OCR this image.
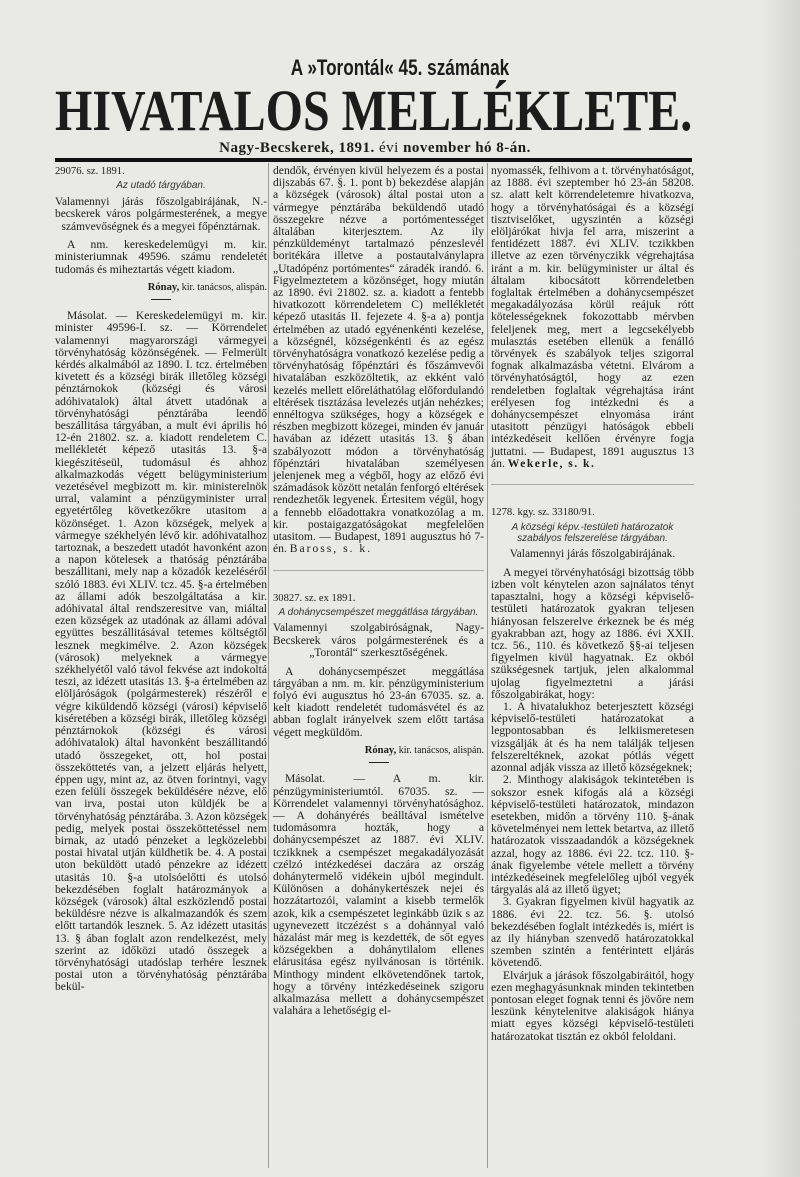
A »Torontál« 45. számának
HIVATALOS MELLÉKLETE.
Nagy-Becskerek, 1891. évi november hó 8-án.

29076. sz. 1891.

Az utadó tárgyában.

Valamennyi járás főszolgabirájának, N.-becskerek város polgármesterének, a megye számvevőségnek és a megyei főpénztárnak.

A nm. kereskedelemügyi m. kir. ministeriumnak 49596. számu rendeletét tudomás és miheztartás végett kiadom.

Rónay, kir. tanácsos, alispán.

Másolat. — Kereskedelemügyi m. kir. minister 49596-I. sz. — Körrendelet valamennyi magyarországi vármegyei törvényhatóság közönségének. — Felmerült kérdés alkalmából az 1890. I. tcz. értelmében kivetett és a községi birák illetőleg községi pénztárnokok (községi és városi adóhivatalok) által átvett utadónak a törvényhatósági pénztárába leendő beszállitása tárgyában, a mult évi április hó 12-én 21802. sz. a. kiadott rendeletem C. mellékletét képező utasitás 13. §-a kiegészitéseül, tudomásul és ahhoz alkalmazkodás végett belügyministerium vezetésével megbizott m. kir. ministerelnök urral, valamint a pénzügyminister urral egyetértőleg következőkre utasitom a közönséget. 1. Azon községek, melyek a vármegye székhelyén lévő kir. adóhivatalhoz tartoznak, a beszedett utadót havonként azon a napon kötelesek a thatóság pénztárába beszállitani, mely nap a közadók kezeléséről szóló 1883. évi XLIV. tcz. 45. §-a értelmében az állami adók beszolgáltatása a kir. adóhivatal által rendszeresitve van, miáltal ezen községek az utadónak az állami adóval együttes beszállitásával tetemes költségtől lesznek megkimélve. 2. Azon községek (városok) melyeknek a vármegye székhelyétől való távol fekvése azt indokoltá teszi, az idézett utasitás 13. §-a értelmében az elöljáróságok (polgármesterek) részéről e végre kiküldendő községi (városi) képviselő kiséretében a községi birák, illetőleg községi pénztárnokok (községi és városi adóhivatalok) által havonként beszállitandó utadó összegeket, ott, hol postai összeköttetés van, a jelzett eljárás helyett, éppen ugy, mint az, az ötven forintnyi, vagy ezen felüli összegek beküldésére nézve, elő van irva, postai uton küldjék be a törvényhatóság pénztárába. 3. Azon községek pedig, melyek postai összeköttetéssel nem birnak, az utadó pénzeket a legközelebbi postai hivatal utján küldhetik be. 4. A postai uton beküldött utadó pénzekre az idézett utasitás 10. §-a utolsóelőtti és utolsó bekezdésében foglalt határozmányok a községek (városok) által eszközlendő postai beküldésre nézve is alkalmazandók és szem előtt tartandók lesznek. 5. Az idézett utasitás 13. § ában foglalt azon rendelkezést, mely szerint az időközi utadó összegek a törvényhatósági utadóslap terhére lesznek postai uton a törvényhatóság pénztárába bekül-

dendők, érvényen kivül helyezem és a postai dijszabás 67. §. 1. pont b) bekezdése alapján a községek (városok) által postai uton a vármegye pénztárába beküldendő utadó összegekre nézve a portómentességet általában kiterjesztem. Az ily pénzküldeményt tartalmazó pénzeslevél boritékára illetve a postautalványlapra „Utadópénz portómentes“ záradék irandó. 6. Figyelmeztetem a közönséget, hogy miután az 1890. évi 21802. sz. a. kiadott a fentebb hivatkozott körrendeletem C) mellékletét képező utasitás II. fejezete 4. §-a a) pontja értelmében az utadó egyénenkénti kezelése, a községnél, községenkénti és az egész törvényhatóságra vonatkozó kezelése pedig a törvényhatóság főpénztári és főszámvevői hivatalában eszközöltetik, az ekként való kezelés mellett előreláthatólag előfordulandó eltérések tisztázása levelezés utján nehézkes; ennéltogva szükséges, hogy a községek e részben megbizott közegei, minden év január havában az idézett utasitás 13. § ában szabályozott módon a törvényhatóság főpénztári hivatalában személyesen jelenjenek meg a végből, hogy az előző évi számadások között netalán fenforgó eltérések rendezhetők legyenek. Értesitem végül, hogy a fennebb előadottakra vonatkozólag a m. kir. postaigazgatóságokat megfelelően utasitom. — Budapest, 1891 augusztus hó 7-én. Baross, s. k.

30827. sz. ex 1891.

A dohánycsempészet meggátlása tárgyában.

Valamennyi szolgabiróságnak, Nagy-Becskerek város polgármesterének és a „Torontál“ szerkesztőségének.

A dohánycsempészet meggátlása tárgyában a nm. m. kir. pénzügyministerium folyó évi augusztus hó 23-án 67035. sz. a. kelt kiadott rendeletét tudomásvétel és az abban foglalt irányelvek szem előtt tartása végett megküldöm.

Rónay, kir. tanácsos, alispán.

Másolat. — A m. kir. pénzügyministeriumtól. 67035. sz. — Körrendelet valamennyi törvényhatósághoz. — A dohányérés beálltával ismételve tudomásomra hozták, hogy a dohánycsempészet az 1887. évi XLIV. tczikknek a csempészet megakadályozását czélzó intézkedései daczára az ország dohánytermelő vidékein ujból megindult. Különösen a dohánykertészek nejei és hozzátartozói, valamint a kisebb termelők azok, kik a csempészetet leginkább üzik s az ugynevezett itczézést s a dohánnyal való házalást már meg is kezdették, de sőt egyes községekben a dohánytilalom ellenes elárusitása egész nyilvánosan is történik. Minthogy mindent elkövetendőnek tartok, hogy a törvény intézkedéseinek szigoru alkalmazása mellett a dohánycsempészet valahára a lehetőségig el-

nyomassék, felhivom a t. törvényhatóságot, az 1888. évi szeptember hó 23-án 58208. sz. alatt kelt körrendeletemre hivatkozva, hogy a törvényhatóságai és a községi tisztviselőket, ugyszintén a községi elöljárókat hivja fel arra, miszerint a fentidézett 1887. évi XLIV. tczikkben illetve az ezen törvényczikk végrehajtása iránt a m. kir. belügyminister ur által és általam kibocsátott körrendeletben foglaltak értelmében a dohánycsempészet megakadályozása körül reájuk rótt kötelességeknek fokozottabb mérvben feleljenek meg, mert a legcsekélyebb mulasztás esetében ellenük a fenálló törvények és szabályok teljes szigorral fognak alkalmazásba vétetni. Elvárom a törvényhatóságtól, hogy az ezen rendeletben foglaltak végrehajtása iránt erélyesen fog intézkedni és a dohánycsempészet elnyomása iránt utasitott pénzügyi hatóságok ebbeli intézkedéseit kellően érvényre fogja juttatni. — Budapest, 1891 augusztus 13 án. Wekerle, s. k.

1278. kgy. sz. 33180/91.

A községi képv.-testületi határozatok szabályos felszerelése tárgyában.

Valamennyi járás főszolgabirájának.

A megyei törvényhatósági bizottság több izben volt kénytelen azon sajnálatos tényt tapasztalni, hogy a községi képviselő-testületi határozatok gyakran teljesen hiányosan felszerelve érkeznek be és még gyakrabban azt, hogy az 1886. évi XXII. tcz. 56., 110. és következő §§-ai teljesen figyelmen kivül hagyatnak. Ez okból szükségesnek tartjuk, jelen alkalommal ujolag figyelmeztetni a járási főszolgabirákat, hogy:

1. A hivatalukhoz beterjesztett községi képviselő-testületi határozatokat a legpontosabban és lelkiismeretesen vizsgálják át és ha nem találják teljesen felszereltéknek, azokat pótlás végett azonnal adják vissza az illető községeknek;

2. Minthogy alakiságok tekintetében is sokszor esnek kifogás alá a községi képviselő-testületi határozatok, mindazon esetekben, midőn a törvény 110. §-ának követelményei nem lettek betartva, az illető határozatok visszaadandók a községeknek azzal, hogy az 1886. évi 22. tcz. 110. §-ának figyelembe vétele mellett a törvény intézkedéseinek megfelelőleg ujból vegyék tárgyalás alá az illető ügyet;

3. Gyakran figyelmen kivül hagyatik az 1886. évi 22. tcz. 56. §. utolsó bekezdésében foglalt intézkedés is, miért is az ily hiányban szenvedő határozatokkal szemben szintén a fentérintett eljárás követendő.

Elvárjuk a járások főszolgabiráitól, hogy ezen meghagyásunknak minden tekintetben pontosan eleget fognak tenni és jövőre nem leszünk kénytelenitve alakiságok hiánya miatt egyes községi képviselő-testületi határozatokat tisztán ez okból feloldani.
